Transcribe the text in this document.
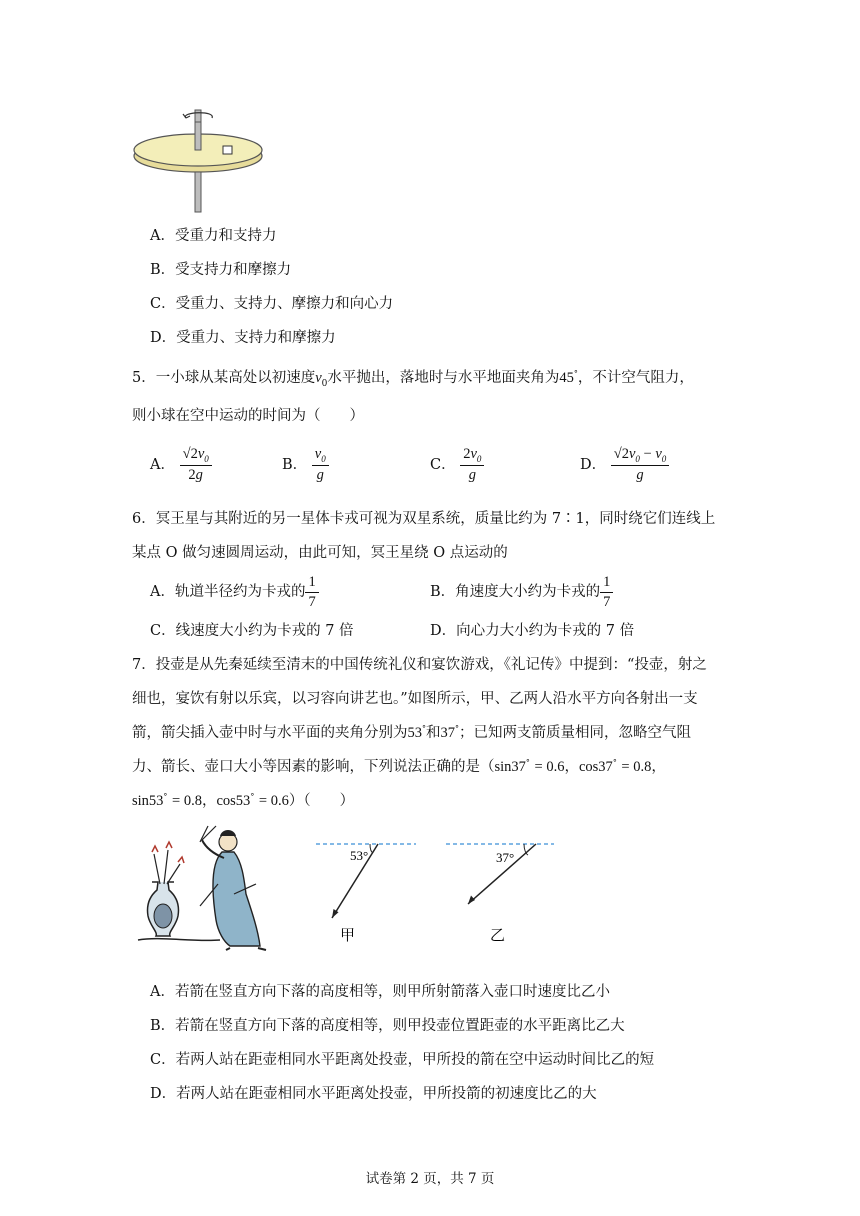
A．受重力和支持力
B．受支持力和摩擦力
C．受重力、支持力、摩擦力和向心力
D．受重力、支持力和摩擦力
5．一小球从某高处以初速度$v_0$水平抛出，落地时与水平地面夹角为45°，不计空气阻力，
则小球在空中运动的时间为（　　）
A． $\frac{√2v_0}{2g}$	B． $\frac{v_0}{g}$	C． $\frac{2v_0}{g}$	D． $\frac{√2v_0 - v_0}{g}$
6．冥王星与其附近的另一星体卡戎可视为双星系统，质量比约为 7∶1，同时绕它们连线上
某点 O 做匀速圆周运动，由此可知，冥王星绕 O 点运动的
A．轨道半径约为卡戎的 $\frac{1}{7}$	B．角速度大小约为卡戎的 $\frac{1}{7}$
C．线速度大小约为卡戎的 7 倍	D．向心力大小约为卡戎的 7 倍
7．投壶是从先秦延续至清末的中国传统礼仪和宴饮游戏，《礼记传》中提到：“投壶，射之
细也，宴饮有射以乐宾，以习容向讲艺也。”如图所示，甲、乙两人沿水平方向各射出一支
箭，箭尖插入壶中时与水平面的夹角分别为53°和37°；已知两支箭质量相同，忽略空气阻
力、箭长、壶口大小等因素的影响，下列说法正确的是（sin37° = 0.6，cos37° = 0.8，
sin53° = 0.8，cos53° = 0.6）（　　）
53°
甲
37°
乙
A．若箭在竖直方向下落的高度相等，则甲所射箭落入壶口时速度比乙小
B．若箭在竖直方向下落的高度相等，则甲投壶位置距壶的水平距离比乙大
C．若两人站在距壶相同水平距离处投壶，甲所投的箭在空中运动时间比乙的短
D．若两人站在距壶相同水平距离处投壶，甲所投箭的初速度比乙的大
试卷第 2 页，共 7 页
